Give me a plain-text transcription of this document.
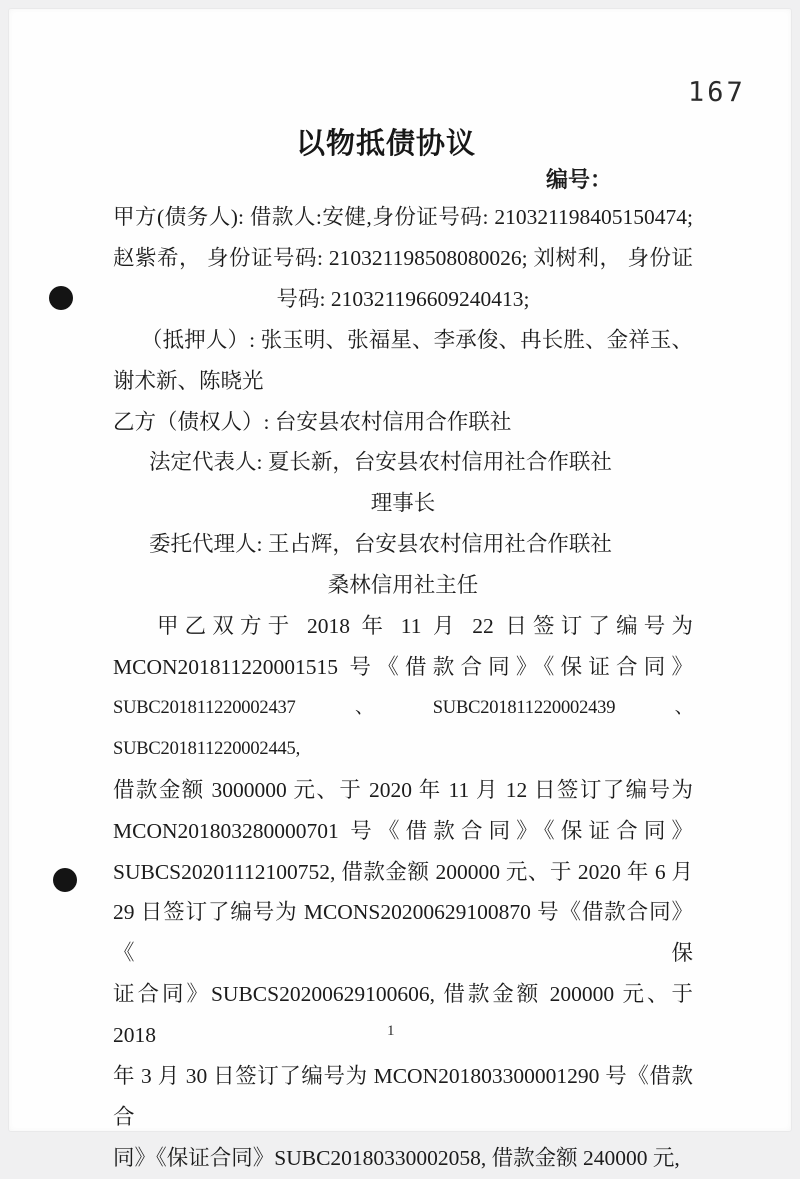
167
以物抵债协议
编号：
甲方(债务人): 借款人:安健,身份证号码: 210321198405150474;
赵紫希， 身份证号码: 210321198508080026; 刘树利， 身份证
号码: 210321196609240413;
（抵押人）: 张玉明、张福星、李承俊、冉长胜、金祥玉、
谢术新、陈晓光
乙方（债权人）: 台安县农村信用合作联社
法定代表人: 夏长新，台安县农村信用社合作联社
理事长
委托代理人: 王占辉，台安县农村信用社合作联社
桑林信用社主任
甲乙双方于 2018 年 11 月 22 日签订了编号为
MCON201811220001515 号《借款合同》《保证合同》
SUBC201811220002437、SUBC201811220002439、SUBC201811220002445,
借款金额 3000000 元、于 2020 年 11 月 12 日签订了编号为
MCON201803280000701 号《借款合同》《保证合同》
SUBCS20201112100752, 借款金额 200000 元、于 2020 年 6 月
29 日签订了编号为 MCONS20200629100870 号《借款合同》《保
证合同》SUBCS20200629100606, 借款金额 200000 元、于 2018
年 3 月 30 日签订了编号为 MCON201803300001290 号《借款合
同》《保证合同》SUBC20180330002058, 借款金额 240000 元,
1
